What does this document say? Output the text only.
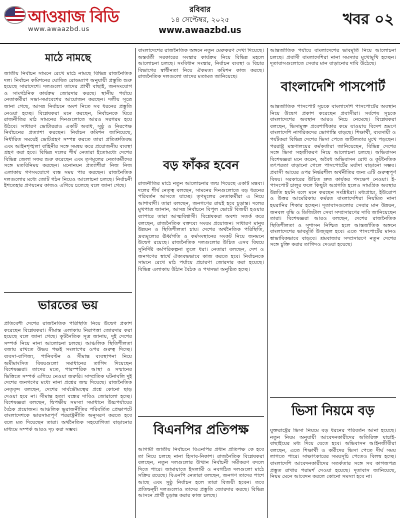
আওয়াজ বিডি
www.awaazbd.us
রবিবার
১৪ সেপ্টেম্বর, ২০২৫
www.awaazbd.us
খবর ০২
মাঠে নামছে
জাতীয় নির্বাচন সামনে রেখে মাঠে নামছে বিভিন্ন রাজনৈতিক দল। নির্বাচন কমিশনের ঘোষিত রোডম্যাপ অনুযায়ী প্রস্তুতি শুরু হয়েছে সারাদেশে। দলগুলো তাদের প্রার্থী বাছাই, জনসংযোগ ও সাংগঠনিক কার্যক্রম জোরদার করছে। স্থানীয় পর্যায়ে নেতাকর্মীরা সভা-সমাবেশের আয়োজন করছেন। দলীয় সূত্রে জানা গেছে, আসন্ন নির্বাচনে অংশ নিতে সব ধরনের প্রস্তুতি নেওয়া হচ্ছে। বিশ্লেষকরা মনে করছেন, নির্বাচনকে ঘিরে রাজনীতির মাঠ সামনের দিনগুলোতে আরও সরগরম হয়ে উঠবে। সাধারণ ভোটাররাও একটি অবাধ, সুষ্ঠু ও নিরপেক্ষ নির্বাচনের প্রত্যাশা করছেন। নির্বাচন কমিশন জানিয়েছে, নির্ধারিত সময়েই ভোটগ্রহণ সম্পন্ন করতে তারা প্রতিশ্রুতিবদ্ধ এবং আইনশৃঙ্খলা বাহিনীর সঙ্গে সমন্বয় করে প্রয়োজনীয় ব্যবস্থা গ্রহণ করা হবে। বিভিন্ন দলের শীর্ষ নেতারা ইতোমধ্যে দেশের বিভিন্ন জেলা সফর শুরু করেছেন এবং তৃণমূলের নেতাকর্মীদের সঙ্গে মতবিনিময় করছেন। মনোনয়ন প্রত্যাশীরা নিজ নিজ এলাকায় গণসংযোগে ব্যস্ত সময় পার করছেন। রাজনৈতিক দলগুলোর মধ্যে জোট গঠন নিয়েও আলোচনা চলছে। নির্বাচনী ইশতেহার প্রণয়নের কাজও এগিয়ে চলেছে বলে জানা গেছে।
ভারতের ভয়
প্রতিবেশী দেশের রাজনৈতিক পরিস্থিতি নিয়ে উদ্বেগ প্রকাশ করেছেন বিশ্লেষকরা। সীমান্ত এলাকায় নিরাপত্তা জোরদার করা হয়েছে বলে জানা গেছে। কূটনৈতিক সূত্র জানায়, দুই দেশের সম্পর্ক নিয়ে নানা আলোচনা চলছে। আঞ্চলিক স্থিতিশীলতা বজায় রাখতে উভয় পক্ষই সংলাপের ওপর গুরুত্ব দিচ্ছে। ব্যবসা-বাণিজ্য, পানিবণ্টন ও সীমান্ত ব্যবস্থাপনা নিয়ে অমীমাংসিত বিষয়গুলো সমাধানের তাগিদ দিয়েছেন বিশেষজ্ঞরা। তাদের মতে, পারস্পরিক আস্থা ও সম্মানের ভিত্তিতে সম্পর্ক এগিয়ে নেওয়া জরুরি। সাম্প্রতিক ঘটনাবলি দুই দেশের জনগণের মধ্যে নানা প্রশ্নের জন্ম দিয়েছে। রাজনৈতিক নেতৃবৃন্দ বলছেন, দেশের সার্বভৌমত্বের প্রশ্নে কোনো ছাড় দেওয়া হবে না। সীমান্ত হত্যা বন্ধের দাবিও জোরালো হচ্ছে। বিশেষজ্ঞরা বলছেন, দ্বিপক্ষীয় সমস্যা সমাধানে উচ্চপর্যায়ের বৈঠক প্রয়োজন। আঞ্চলিক ভূরাজনীতির পরিবর্তিত প্রেক্ষাপটে বাংলাদেশকে ভারসাম্যপূর্ণ পররাষ্ট্রনীতি অনুসরণ করতে হবে বলে মত দিয়েছেন তারা। অর্থনৈতিক সহযোগিতা বাড়ানোর মাধ্যমে সম্পর্ক আরও দৃঢ় করা সম্ভব।
বাংলাদেশের রাজনৈতিক অঙ্গনে নতুন মেরুকরণ দেখা দিয়েছে। অন্তর্বর্তী সরকারের সংস্কার কার্যক্রম নিয়ে বিভিন্ন মহলে আলোচনা চলছে। সংবিধান সংস্কার, নির্বাচন ব্যবস্থা ও বিচার বিভাগের স্বাধীনতা নিয়ে ঐকমত্য কমিশন কাজ করছে। রাজনৈতিক দলগুলো তাদের মতামত জানিয়েছে।
বড় ফাঁকর হবেন
রাজনীতির মাঠে নতুন আলোচনার জন্ম দিয়েছে একটি মন্তব্য। দলের শীর্ষ নেতৃত্ব বলছেন, সামনের দিনগুলোতে বড় ধরনের পরিবর্তন আসতে যাচ্ছে। তৃণমূলের নেতাকর্মীরা এ নিয়ে আশাবাদী। তারা বলছেন, জনগণের রায়ই হবে চূড়ান্ত। দলের মুখপাত্র জানান, আসন্ন নির্বাচনে বিপুল ভোটে বিজয়ী হওয়ার ব্যাপারে তারা আত্মবিশ্বাসী। বিশ্লেষকরা অবশ্য সতর্ক করে বলছেন, রাজনৈতিক বক্তব্যে সংযম প্রয়োজন। সাধারণ মানুষ উন্নয়ন ও স্থিতিশীলতা চায়। দেশের অর্থনৈতিক পরিস্থিতি, দ্রব্যমূল্যের ঊর্ধ্বগতি ও কর্মসংস্থানের সংকট নিয়ে জনমনে উদ্বেগ রয়েছে। রাজনৈতিক দলগুলোর উচিত এসব বিষয়ে সুনির্দিষ্ট কর্মপরিকল্পনা তুলে ধরা। নেতারা বলছেন, দেশ ও জনগণের স্বার্থে ঐক্যবদ্ধভাবে কাজ করতে হবে। নির্বাচনকে সামনে রেখে মাঠ পর্যায়ে প্রচারণা জোরদার করা হয়েছে। বিভিন্ন এলাকায় উঠান বৈঠক ও পথসভা অনুষ্ঠিত হচ্ছে।
বিএনপির প্রতিপক্ষ
আগামী জাতীয় নির্বাচনে বিএনপির প্রধান প্রতিপক্ষ কে হবে তা নিয়ে চলছে নানা হিসাব-নিকাশ। রাজনৈতিক বিশ্লেষকরা বলছেন, নতুন দলগুলোর উত্থান নির্বাচনী সমীকরণ বদলে দিতে পারে। জামায়াতে ইসলামী ও নবগঠিত দলগুলো মাঠে সক্রিয় রয়েছে। বিএনপি নেতারা বলছেন, জনগণ তাদের পাশে আছে এবং সুষ্ঠু নির্বাচন হলে তারা বিজয়ী হবেন। তবে প্রতিদ্বন্দ্বী দলগুলোও তাদের প্রস্তুতি জোরদার করছে। বিভিন্ন আসনে প্রার্থী চূড়ান্ত করার কাজ চলছে।
আন্তর্জাতিক পর্যায়ে বাংলাদেশের ভাবমূর্তি নিয়ে আলোচনা চলছে। প্রবাসী বাংলাদেশিরা নানা সমস্যার মুখোমুখি হচ্ছেন। দূতাবাসগুলোতে সেবার মান বাড়ানোর দাবি উঠেছে।
বাংলাদেশি পাসপোর্ট
আন্তর্জাতিক পাসপোর্ট সূচকে বাংলাদেশি পাসপোর্টের অবস্থান নিয়ে উদ্বেগ প্রকাশ করেছেন প্রবাসীরা। সর্বশেষ সূচকে বাংলাদেশের অবস্থান আরও নিচে নেমেছে। বিশ্লেষকরা বলছেন, ভিসামুক্ত প্রবেশাধিকার কমে যাওয়ায় বিদেশ ভ্রমণে বাংলাদেশি নাগরিকদের ভোগান্তি বাড়ছে। শিক্ষার্থী, ব্যবসায়ী ও পর্যটকরা বিভিন্ন দেশের ভিসা পেতে জটিলতার মুখে পড়ছেন। পররাষ্ট্র মন্ত্রণালয়ের কর্মকর্তারা জানিয়েছেন, বিভিন্ন দেশের সঙ্গে ভিসা সহজীকরণ নিয়ে আলোচনা চলছে। অভিবাসন বিশেষজ্ঞরা মনে করেন, অবৈধ অভিবাসন রোধ ও কূটনৈতিক তৎপরতা বাড়ানো গেলে পাসপোর্টের মর্যাদা বাড়ানো সম্ভব। প্রবাসী আয়ের ওপর নির্ভরশীল অর্থনীতির জন্য এটি গুরুত্বপূর্ণ বিষয়। সরকারের উচিত দ্রুত কার্যকর পদক্ষেপ নেওয়া। ই-পাসপোর্ট চালুর ফলে কিছুটা অগ্রগতি হলেও সামগ্রিক অবস্থার উন্নতি হয়নি বলে মনে করছেন সংশ্লিষ্টরা। মধ্যপ্রাচ্য, ইউরোপ ও উত্তর আমেরিকায় কর্মরত বাংলাদেশিরা নিয়মিত নানা হয়রানির শিকার হচ্ছেন। দূতাবাসগুলোর সেবার মান উন্নয়ন, জনবল বৃদ্ধি ও ডিজিটাল সেবা সম্প্রসারণের দাবি জানিয়েছেন তারা। বিশেষজ্ঞরা আরও বলছেন, দেশের রাজনৈতিক স্থিতিশীলতা ও সুশাসন নিশ্চিত হলে আন্তর্জাতিক অঙ্গনে বাংলাদেশের ভাবমূর্তি উজ্জ্বল হবে। এতে পাসপোর্টের মানও স্বাভাবিকভাবে বাড়বে। শ্রমবাজার সম্প্রসারণে নতুন দেশের সঙ্গে চুক্তি করার তাগিদও দেওয়া হয়েছে।
ভিসা নিয়মে বড়
যুক্তরাষ্ট্রের ভিসা নিয়মে বড় ধরনের পরিবর্তন আনা হয়েছে। নতুন নিয়ম অনুযায়ী আবেদনকারীদের অতিরিক্ত যাচাই-বাছাইয়ের মধ্য দিয়ে যেতে হবে। অভিবাসন আইনজীবীরা বলছেন, এতে শিক্ষার্থী ও কর্মীদের ভিসা পেতে দীর্ঘ সময় লাগতে পারে। সাক্ষাৎকারের সময়সূচি পেতেও বিলম্ব হচ্ছে। বাংলাদেশি আবেদনকারীদের সতর্কতার সঙ্গে সব কাগজপত্র প্রস্তুত রাখার পরামর্শ দেওয়া হয়েছে। দূতাবাস জানিয়েছে, নিয়ম মেনে আবেদন করলে কোনো সমস্যা হবে না।
